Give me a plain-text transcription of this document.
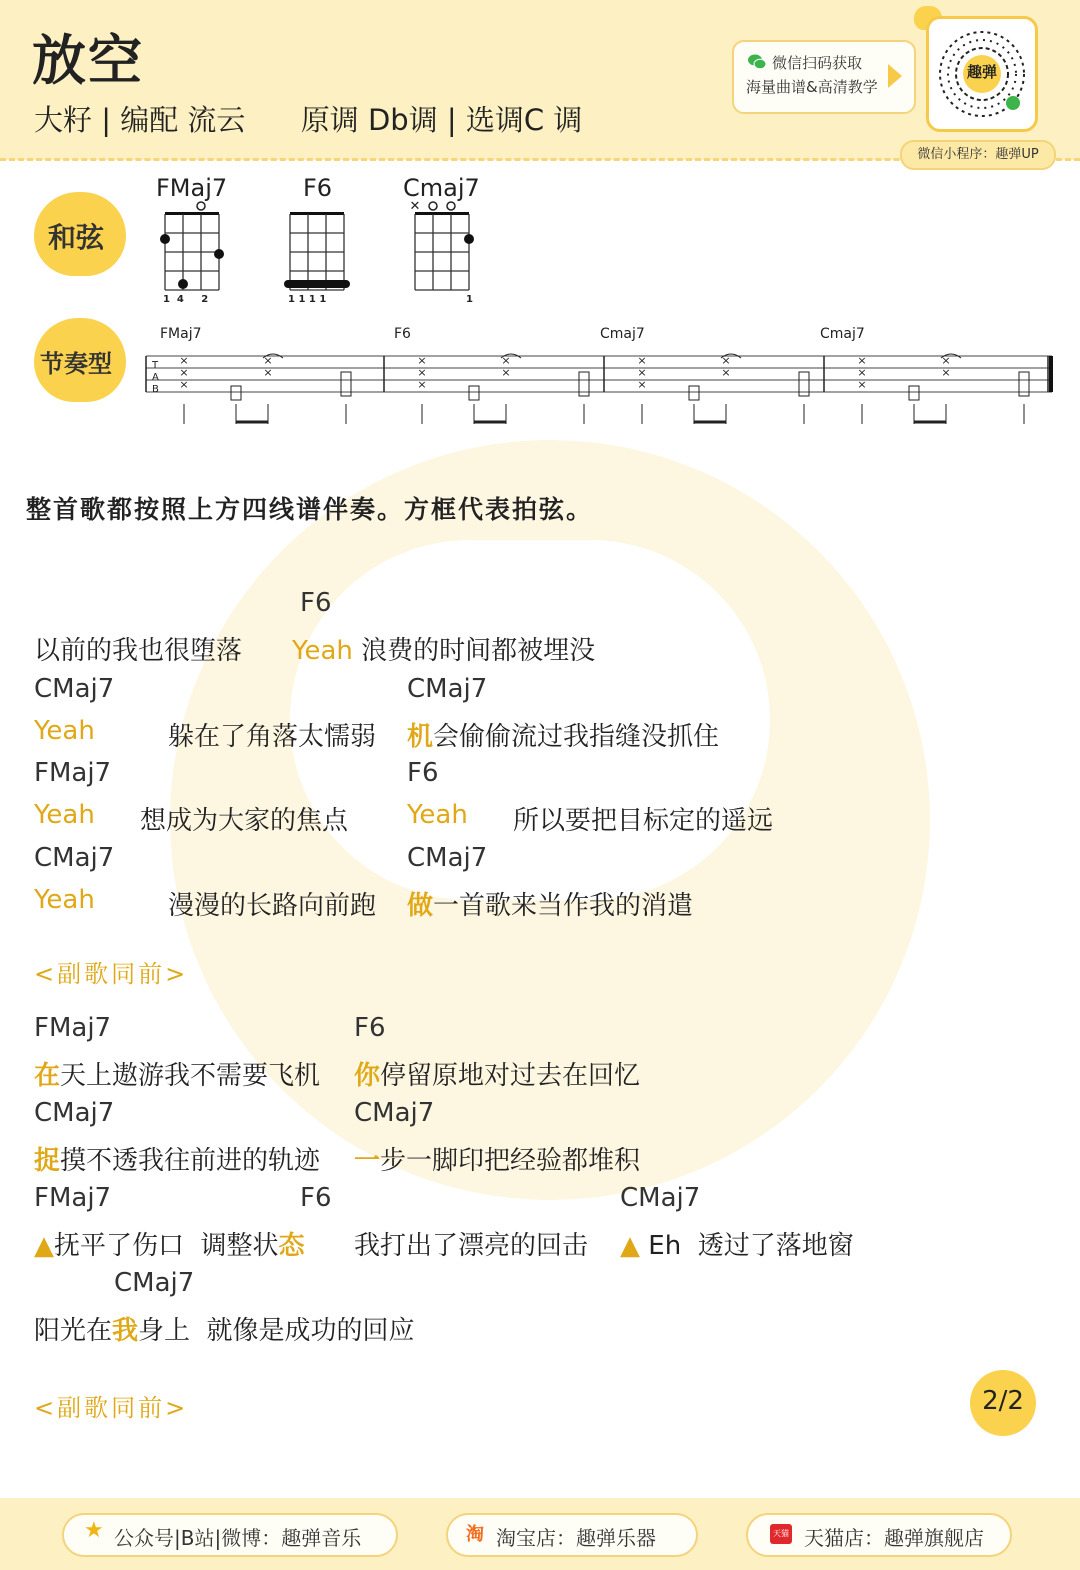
放空
大籽 | 编配 流云      原调 Db调 | 选调C 调
微信扫码获取
海量曲谱&高清教学
趣弹
微信小程序：趣弹UP
和弦
FMaj7	F6	Cmaj7
✕
1  4     2	1 1 1 1	1
节奏型
FMaj7	F6	Cmaj7	Cmaj7
T
A
B
×
×
×
×
×
×
×
×
×
×
×
×
×
×
×
×
×
×
×
×
整首歌都按照上方四线谱伴奏。方框代表拍弦。
F6
以前的我也很堕落 Yeah 浪费的时间都被埋没
CMaj7	CMaj7
Yeah	躲在了角落太懦弱 机会偷偷流过我指缝没抓住
FMaj7	F6
Yeah 想成为大家的焦点 Yeah 所以要把目标定的遥远
CMaj7	CMaj7
Yeah	漫漫的长路向前跑 做一首歌来当作我的消遣
<副歌同前>
FMaj7	F6
在天上遨游我不需要飞机 你停留原地对过去在回忆
CMaj7	CMaj7
捉摸不透我往前进的轨迹 一步一脚印把经验都堆积
FMaj7	F6	CMaj7
▲抚平了伤口  调整状态 我打出了漂亮的回击 ▲ Eh  透过了落地窗
CMaj7
阳光在我身上  就像是成功的回应
<副歌同前>	2/2
★ 公众号|B站|微博：趣弹音乐	淘 淘宝店：趣弹乐器	天猫 天猫店：趣弹旗舰店
